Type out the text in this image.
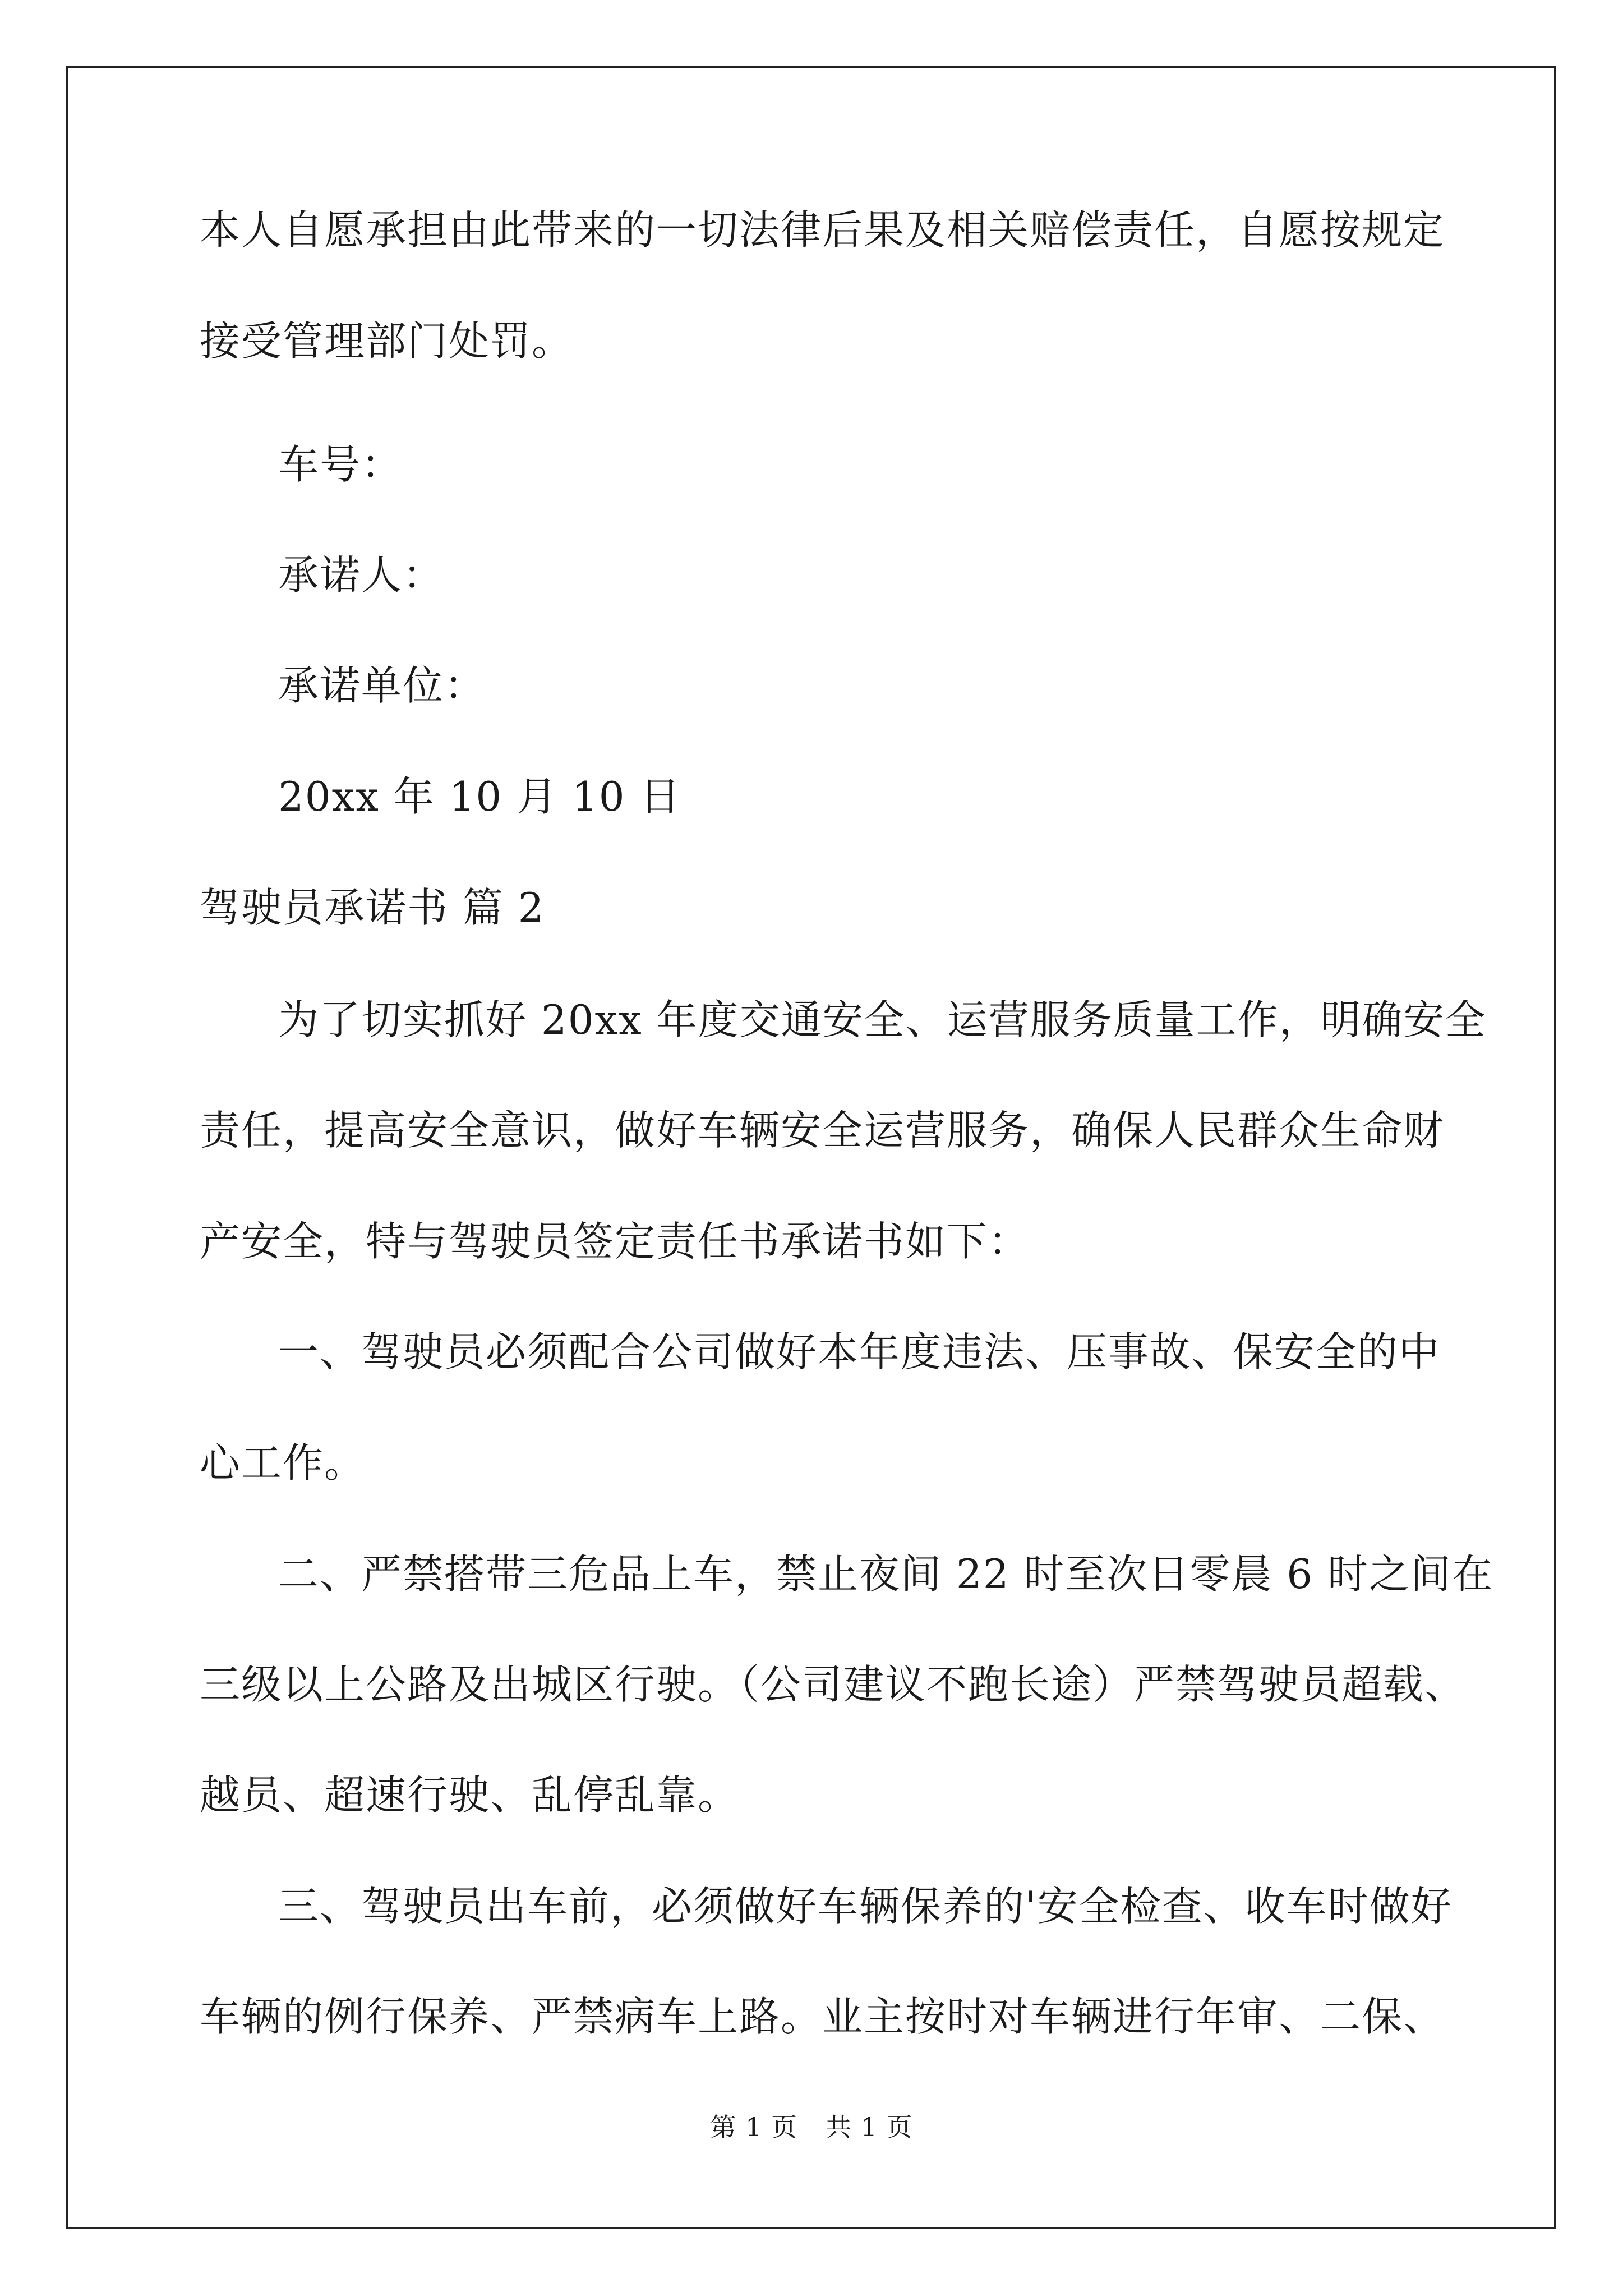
本人自愿承担由此带来的一切法律后果及相关赔偿责任，自愿按规定
接受管理部门处罚。
车号：
承诺人：
承诺单位：
20xx 年 10 月 10 日
驾驶员承诺书 篇 2
为了切实抓好 20xx 年度交通安全、运营服务质量工作，明确安全
责任，提高安全意识，做好车辆安全运营服务，确保人民群众生命财
产安全，特与驾驶员签定责任书承诺书如下：
一、驾驶员必须配合公司做好本年度违法、压事故、保安全的中
心工作。
二、严禁搭带三危品上车，禁止夜间 22 时至次日零晨 6 时之间在
三级以上公路及出城区行驶。（公司建议不跑长途）严禁驾驶员超载、
越员、超速行驶、乱停乱靠。
三、驾驶员出车前，必须做好车辆保养的'安全检查、收车时做好
车辆的例行保养、严禁病车上路。业主按时对车辆进行年审、二保、
第 1 页 共 1 页
